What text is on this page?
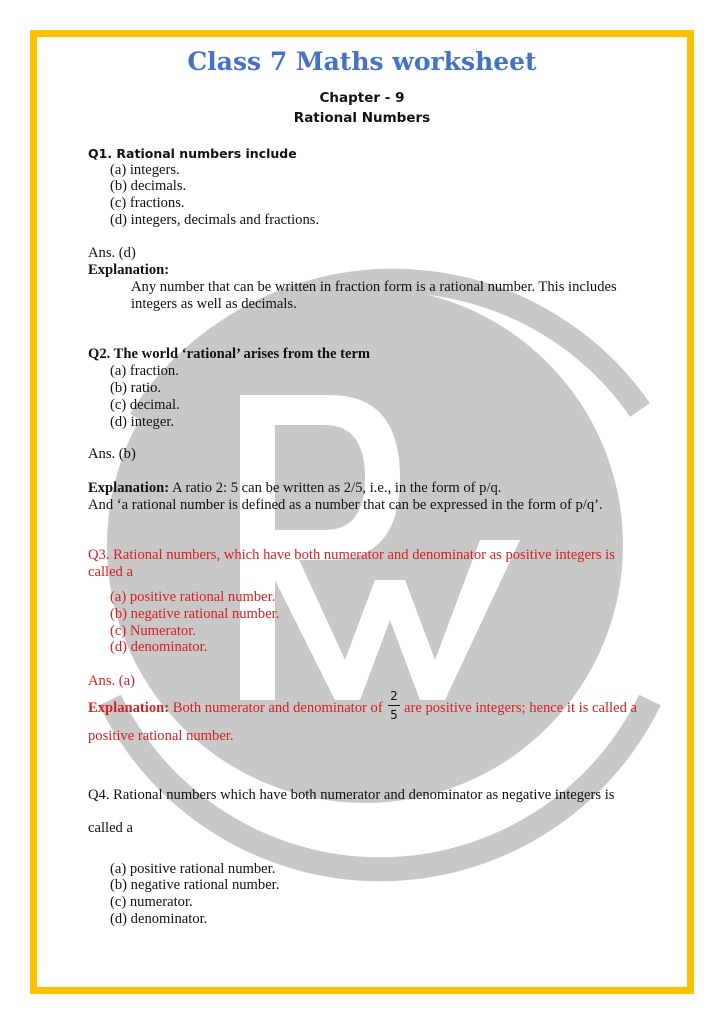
Class 7 Maths worksheet
Chapter - 9
Rational Numbers
Q1. Rational numbers include
(a) integers.
(b) decimals.
(c) fractions.
(d) integers, decimals and fractions.
Ans. (d)
Explanation:
Any number that can be written in fraction form is a rational number. This includes
integers as well as decimals.
Q2. The world ‘rational’ arises from the term
(a) fraction.
(b) ratio.
(c) decimal.
(d) integer.
Ans. (b)
Explanation: A ratio 2: 5 can be written as 2/5, i.e., in the form of p/q.
And ‘a rational number is defined as a number that can be expressed in the form of p/q’.
Q3. Rational numbers, which have both numerator and denominator as positive integers is
called a
(a) positive rational number.
(b) negative rational number.
(c) Numerator.
(d) denominator.
Ans. (a)
Explanation: Both numerator and denominator of
2
5 are positive integers; hence it is called a
positive rational number.
Q4. Rational numbers which have both numerator and denominator as negative integers is
called a
(a) positive rational number.
(b) negative rational number.
(c) numerator.
(d) denominator.
